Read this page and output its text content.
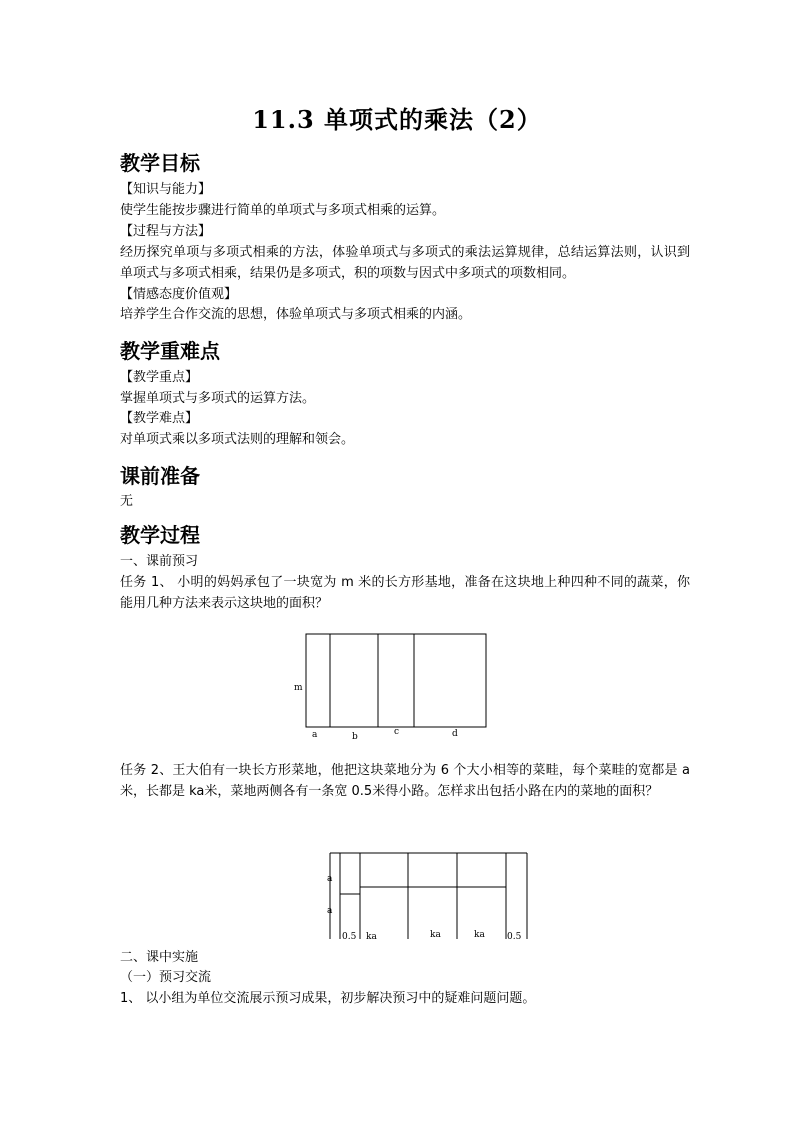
11.3 单项式的乘法（2）
教学目标
【知识与能力】
使学生能按步骤进行简单的单项式与多项式相乘的运算。
【过程与方法】
经历探究单项与多项式相乘的方法，体验单项式与多项式的乘法运算规律，总结运算法则，认识到单项式与多项式相乘，结果仍是多项式，积的项数与因式中多项式的项数相同。
【情感态度价值观】
培养学生合作交流的思想，体验单项式与多项式相乘的内涵。
教学重难点
【教学重点】
掌握单项式与多项式的运算方法。
【教学难点】
对单项式乘以多项式法则的理解和领会。
课前准备
无
教学过程
一、课前预习
任务 1、 小明的妈妈承包了一块宽为 m 米的长方形基地，准备在这块地上种四种不同的蔬菜，你能用几种方法来表示这块地的面积？
m
a	b	c	d
任务 2、王大伯有一块长方形菜地，他把这块菜地分为 6 个大小相等的菜畦，每个菜畦的宽都是 a米，长都是 ka米，菜地两侧各有一条宽 0.5米得小路。怎样求出包括小路在内的菜地的面积？
a
a
0.5 ka	ka	ka 0.5
二、课中实施
（一）预习交流
1、 以小组为单位交流展示预习成果，初步解决预习中的疑难问题问题。
